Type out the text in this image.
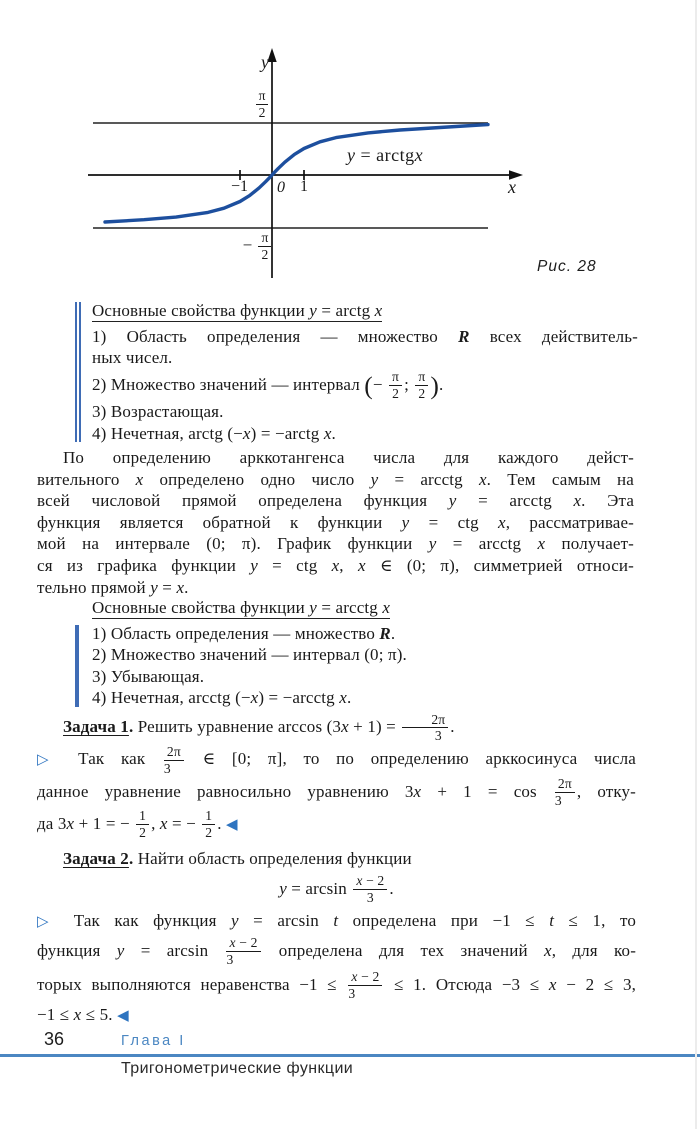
y
x
y = arctgx
0
−1	1
$\frac{\pi}{2}$
− $\frac{\pi}{2}$
Рис. 28
Основные свойства функции y = arctg x
1) Область определения — множество R всех действитель-
ных чисел.
2) Множество значений — интервал (− $\frac{\pi}{2}$ ; $\frac{\pi}{2}$ ).
3) Возрастающая.
4) Нечетная, arctg (−x) = −arctg x.
По определению арккотангенса числа для каждого дейст-
вительного x определено одно число y = arcctg x. Тем самым на
всей числовой прямой определена функция y = arcctg x. Эта
функция является обратной к функции y = ctg x, рассматривае-
мой на интервале (0; π). График функции y = arcctg x получает-
ся из графика функции y = ctg x, x ∈ (0; π), симметрией относи-
тельно прямой y = x.
Основные свойства функции y = arcctg x
1) Область определения — множество R.
2) Множество значений — интервал (0; π).
3) Убывающая.
4) Нечетная, arcctg (−x) = −arcctg x.
Задача 1. Решить уравнение $\arccos (3x + 1) = \frac{2\pi}{3}$ .
▷ Так как $\frac{2\pi}{3}$ ∈ [0; π], то по определению арккосинуса числа
данное уравнение равносильно уравнению $3x + 1 = \cos \frac{2\pi}{3}$ , отку-
да 3x + 1 = − $\frac{1}{2}$ , x = − $\frac{1}{2}$ . ◀
Задача 2. Найти область определения функции
$y = \arcsin \frac{x - 2}{3}$ .
▷ Так как функция y = arcsin t определена при −1 ≤ t ≤ 1, то
функция $y = \arcsin \frac{x - 2}{3}$ определена для тех значений x, для ко-
торых выполняются неравенства $-1 \le \frac{x - 2}{3} \le 1$. Отсюда −3 ≤ x − 2 ≤ 3,
−1 ≤ x ≤ 5. ◀
36	Глава I
Тригонометрические функции
